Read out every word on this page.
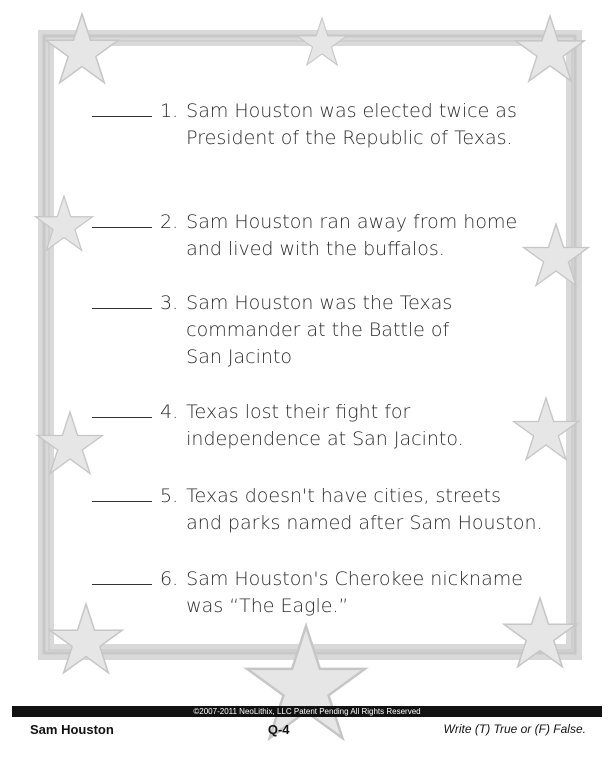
1. Sam Houston was elected twice as
President of the Republic of Texas.
2. Sam Houston ran away from home
and lived with the buffalos.
3. Sam Houston was the Texas
commander at the Battle of
San Jacinto
4. Texas lost their fight for
independence at San Jacinto.
5. Texas doesn't have cities, streets
and parks named after Sam Houston.
6. Sam Houston's Cherokee nickname
was “The Eagle.”
©2007-2011 NeoLithix, LLC Patent Pending All Rights Reserved
Sam Houston	Q-4	Write (T) True or (F) False.
